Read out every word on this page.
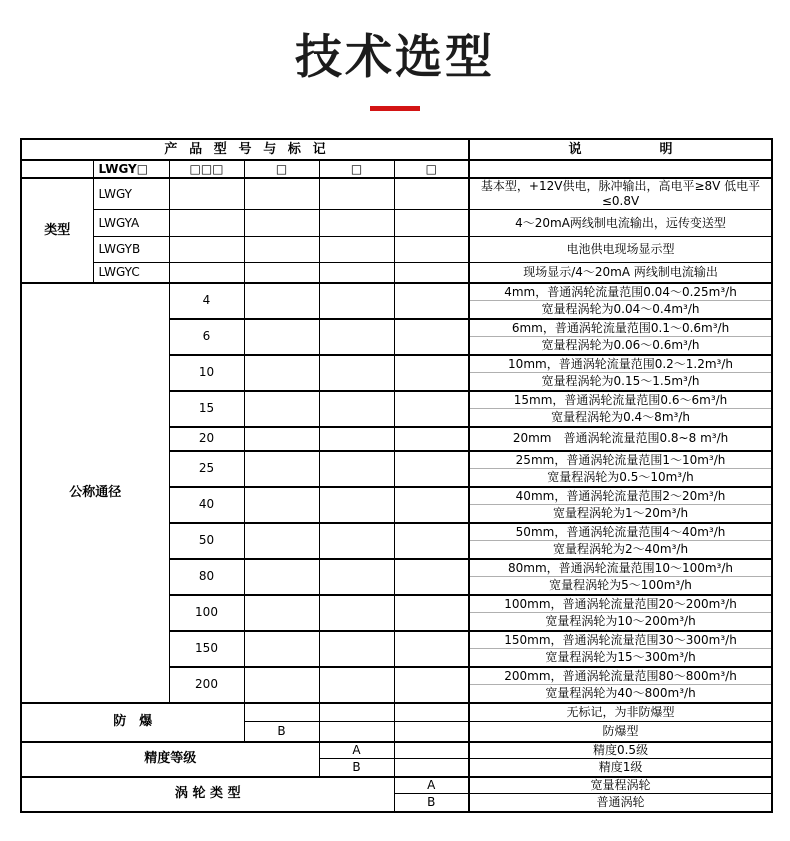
技术选型
产品型号与标记						说明
	LWGY□	□□□	□	□	□	
类型	LWGY					基本型，+12V供电，脉冲输出，高电平≥8V 低电平≤0.8V
	LWGYA					4～20mA两线制电流输出，远传变送型
	LWGYB					电池供电现场显示型
	LWGYC					现场显示/4～20mA 两线制电流输出
公称通径		4				4mm，普通涡轮流量范围0.04～0.25m³/h
						宽量程涡轮为0.04～0.4m³/h
		6				6mm，普通涡轮流量范围0.1～0.6m³/h
						宽量程涡轮为0.06～0.6m³/h
		10				10mm，普通涡轮流量范围0.2～1.2m³/h
						宽量程涡轮为0.15～1.5m³/h
		15				15mm，普通涡轮流量范围0.6～6m³/h
						宽量程涡轮为0.4～8m³/h
		20				20mm　普通涡轮流量范围0.8~8 m³/h
		25				25mm，普通涡轮流量范围1～10m³/h
						宽量程涡轮为0.5～10m³/h
		40				40mm，普通涡轮流量范围2～20m³/h
						宽量程涡轮为1～20m³/h
		50				50mm，普通涡轮流量范围4～40m³/h
						宽量程涡轮为2～40m³/h
		80				80mm，普通涡轮流量范围10～100m³/h
						宽量程涡轮为5～100m³/h
		100				100mm，普通涡轮流量范围20～200m³/h
						宽量程涡轮为10～200m³/h
		150				150mm，普通涡轮流量范围30～300m³/h
						宽量程涡轮为15～300m³/h
		200				200mm，普通涡轮流量范围80～800m³/h
						宽量程涡轮为40～800m³/h
防爆						无标记，为非防爆型
			B			防爆型
精度等级				A		精度0.5级
				B		精度1级
涡轮类型					A	宽量程涡轮
					B	普通涡轮
